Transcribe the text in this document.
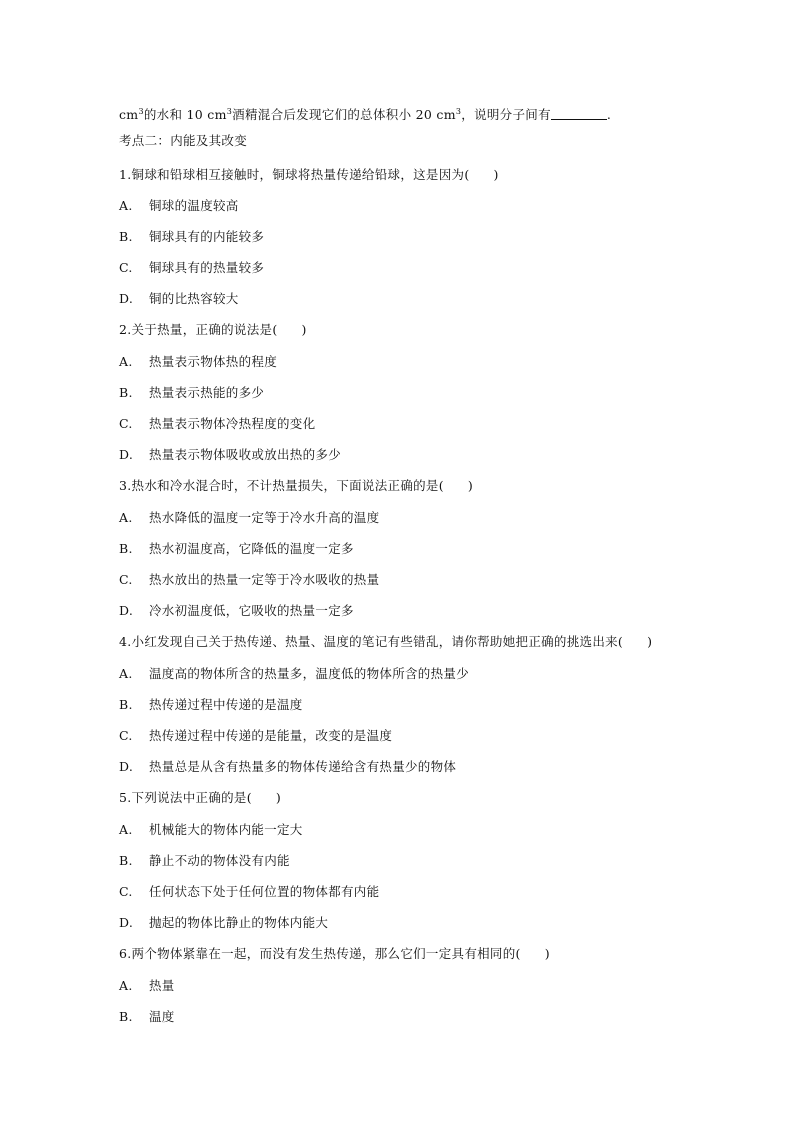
$cm^3$的水和 10 $cm^3$酒精混合后发现它们的总体积小 20 $cm^3$，说明分子间有	.
考点二：内能及其改变
1.铜球和铅球相互接触时，铜球将热量传递给铅球，这是因为( )
A. 铜球的温度较高
B. 铜球具有的内能较多
C. 铜球具有的热量较多
D. 铜的比热容较大
2.关于热量，正确的说法是( )
A. 热量表示物体热的程度
B. 热量表示热能的多少
C. 热量表示物体冷热程度的变化
D. 热量表示物体吸收或放出热的多少
3.热水和冷水混合时，不计热量损失，下面说法正确的是( )
A. 热水降低的温度一定等于冷水升高的温度
B. 热水初温度高，它降低的温度一定多
C. 热水放出的热量一定等于冷水吸收的热量
D. 冷水初温度低，它吸收的热量一定多
4.小红发现自己关于热传递、热量、温度的笔记有些错乱，请你帮助她把正确的挑选出来( )
A. 温度高的物体所含的热量多，温度低的物体所含的热量少
B. 热传递过程中传递的是温度
C. 热传递过程中传递的是能量，改变的是温度
D. 热量总是从含有热量多的物体传递给含有热量少的物体
5.下列说法中正确的是( )
A. 机械能大的物体内能一定大
B. 静止不动的物体没有内能
C. 任何状态下处于任何位置的物体都有内能
D. 抛起的物体比静止的物体内能大
6.两个物体紧靠在一起，而没有发生热传递，那么它们一定具有相同的( )
A. 热量
B. 温度
